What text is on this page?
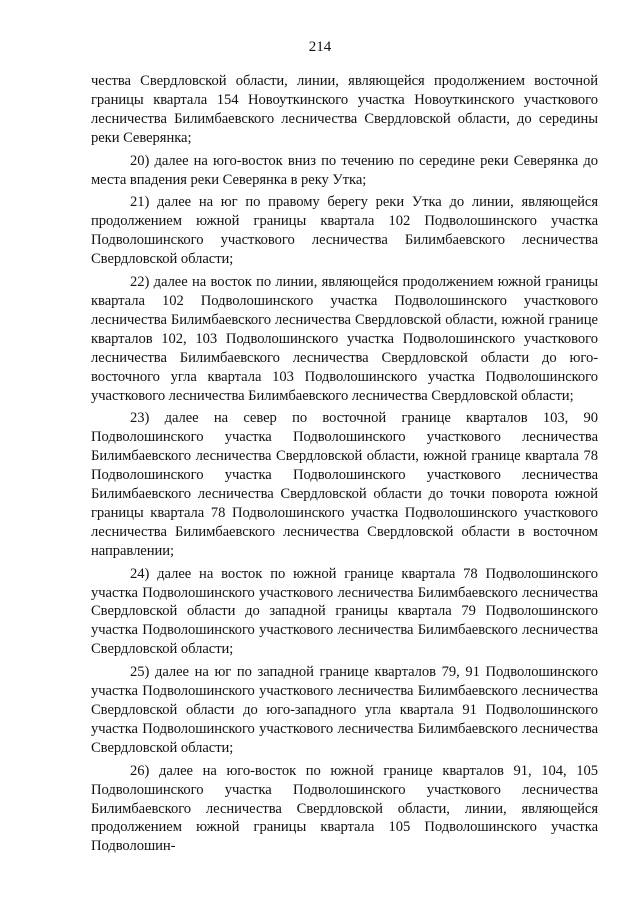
214

чества Свердловской области, линии, являющейся продолжением восточной границы квартала 154 Новоуткинского участка Новоуткинского участкового лесничества Билимбаевского лесничества Свердловской области, до середины реки Северянка;

20) далее на юго-восток вниз по течению по середине реки Северянка до места впадения реки Северянка в реку Утка;

21) далее на юг по правому берегу реки Утка до линии, являющейся продолжением южной границы квартала 102 Подволошинского участка Подволошинского участкового лесничества Билимбаевского лесничества Свердловской области;

22) далее на восток по линии, являющейся продолжением южной границы квартала 102 Подволошинского участка Подволошинского участкового лесничества Билимбаевского лесничества Свердловской области, южной границе кварталов 102, 103 Подволошинского участка Подволошинского участкового лесничества Билимбаевского лесничества Свердловской области до юго-восточного угла квартала 103 Подволошинского участка Подволошинского участкового лесничества Билимбаевского лесничества Свердловской области;

23) далее на север по восточной границе кварталов 103, 90 Подволошинского участка Подволошинского участкового лесничества Билимбаевского лесничества Свердловской области, южной границе квартала 78 Подволошинского участка Подволошинского участкового лесничества Билимбаевского лесничества Свердловской области до точки поворота южной границы квартала 78 Подволошинского участка Подволошинского участкового лесничества Билимбаевского лесничества Свердловской области в восточном направлении;

24) далее на восток по южной границе квартала 78 Подволошинского участка Подволошинского участкового лесничества Билимбаевского лесничества Свердловской области до западной границы квартала 79 Подволошинского участка Подволошинского участкового лесничества Билимбаевского лесничества Свердловской области;

25) далее на юг по западной границе кварталов 79, 91 Подволошинского участка Подволошинского участкового лесничества Билимбаевского лесничества Свердловской области до юго-западного угла квартала 91 Подволошинского участка Подволошинского участкового лесничества Билимбаевского лесничества Свердловской области;

26) далее на юго-восток по южной границе кварталов 91, 104, 105 Подволошинского участка Подволошинского участкового лесничества Билимбаевского лесничества Свердловской области, линии, являющейся продолжением южной границы квартала 105 Подволошинского участка Подволошин-
